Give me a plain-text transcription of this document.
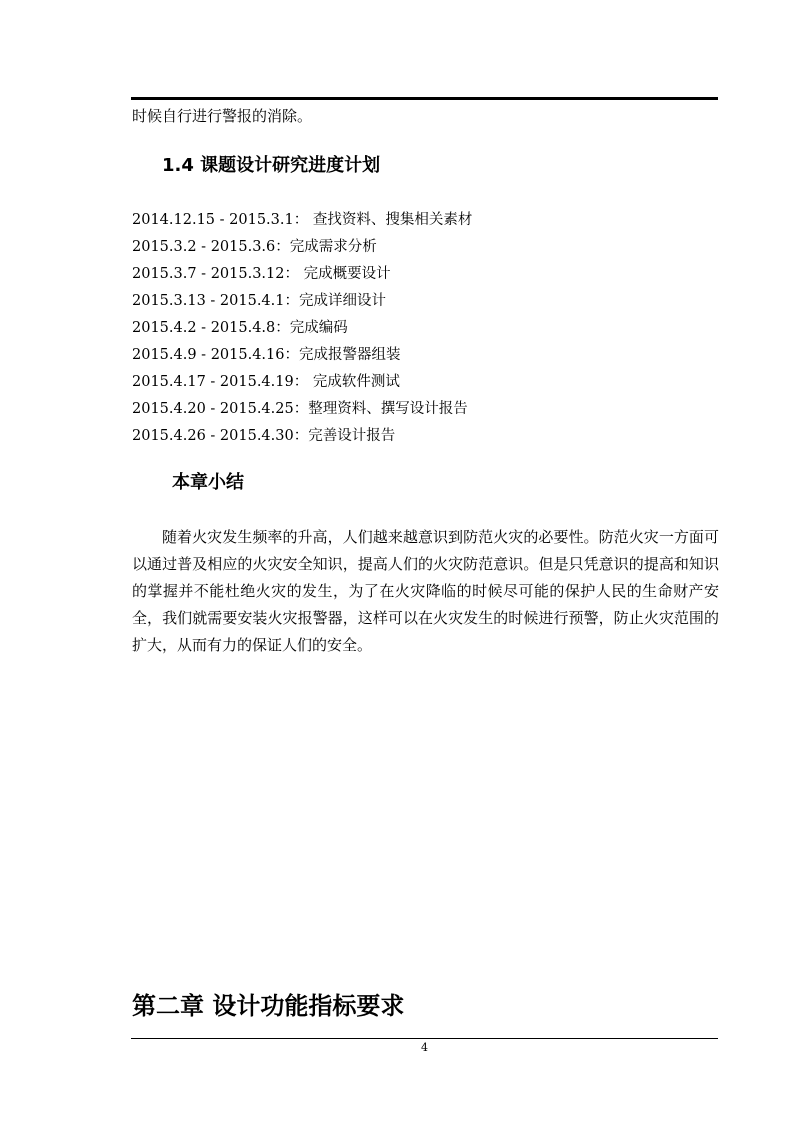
时候自行进行警报的消除。
1.4 课题设计研究进度计划
2014.12.15 - 2015.3.1： 查找资料、搜集相关素材
2015.3.2 - 2015.3.6：完成需求分析
2015.3.7 - 2015.3.12： 完成概要设计
2015.3.13 - 2015.4.1：完成详细设计
2015.4.2 - 2015.4.8：完成编码
2015.4.9 - 2015.4.16：完成报警器组装
2015.4.17 - 2015.4.19： 完成软件测试
2015.4.20 - 2015.4.25：整理资料、撰写设计报告
2015.4.26 - 2015.4.30：完善设计报告
本章小结

随着火灾发生频率的升高，人们越来越意识到防范火灾的必要性。防范火灾一方面可以通过普及相应的火灾安全知识，提高人们的火灾防范意识。但是只凭意识的提高和知识的掌握并不能杜绝火灾的发生，为了在火灾降临的时候尽可能的保护人民的生命财产安全，我们就需要安装火灾报警器，这样可以在火灾发生的时候进行预警，防止火灾范围的扩大，从而有力的保证人们的安全。

第二章 设计功能指标要求
4
